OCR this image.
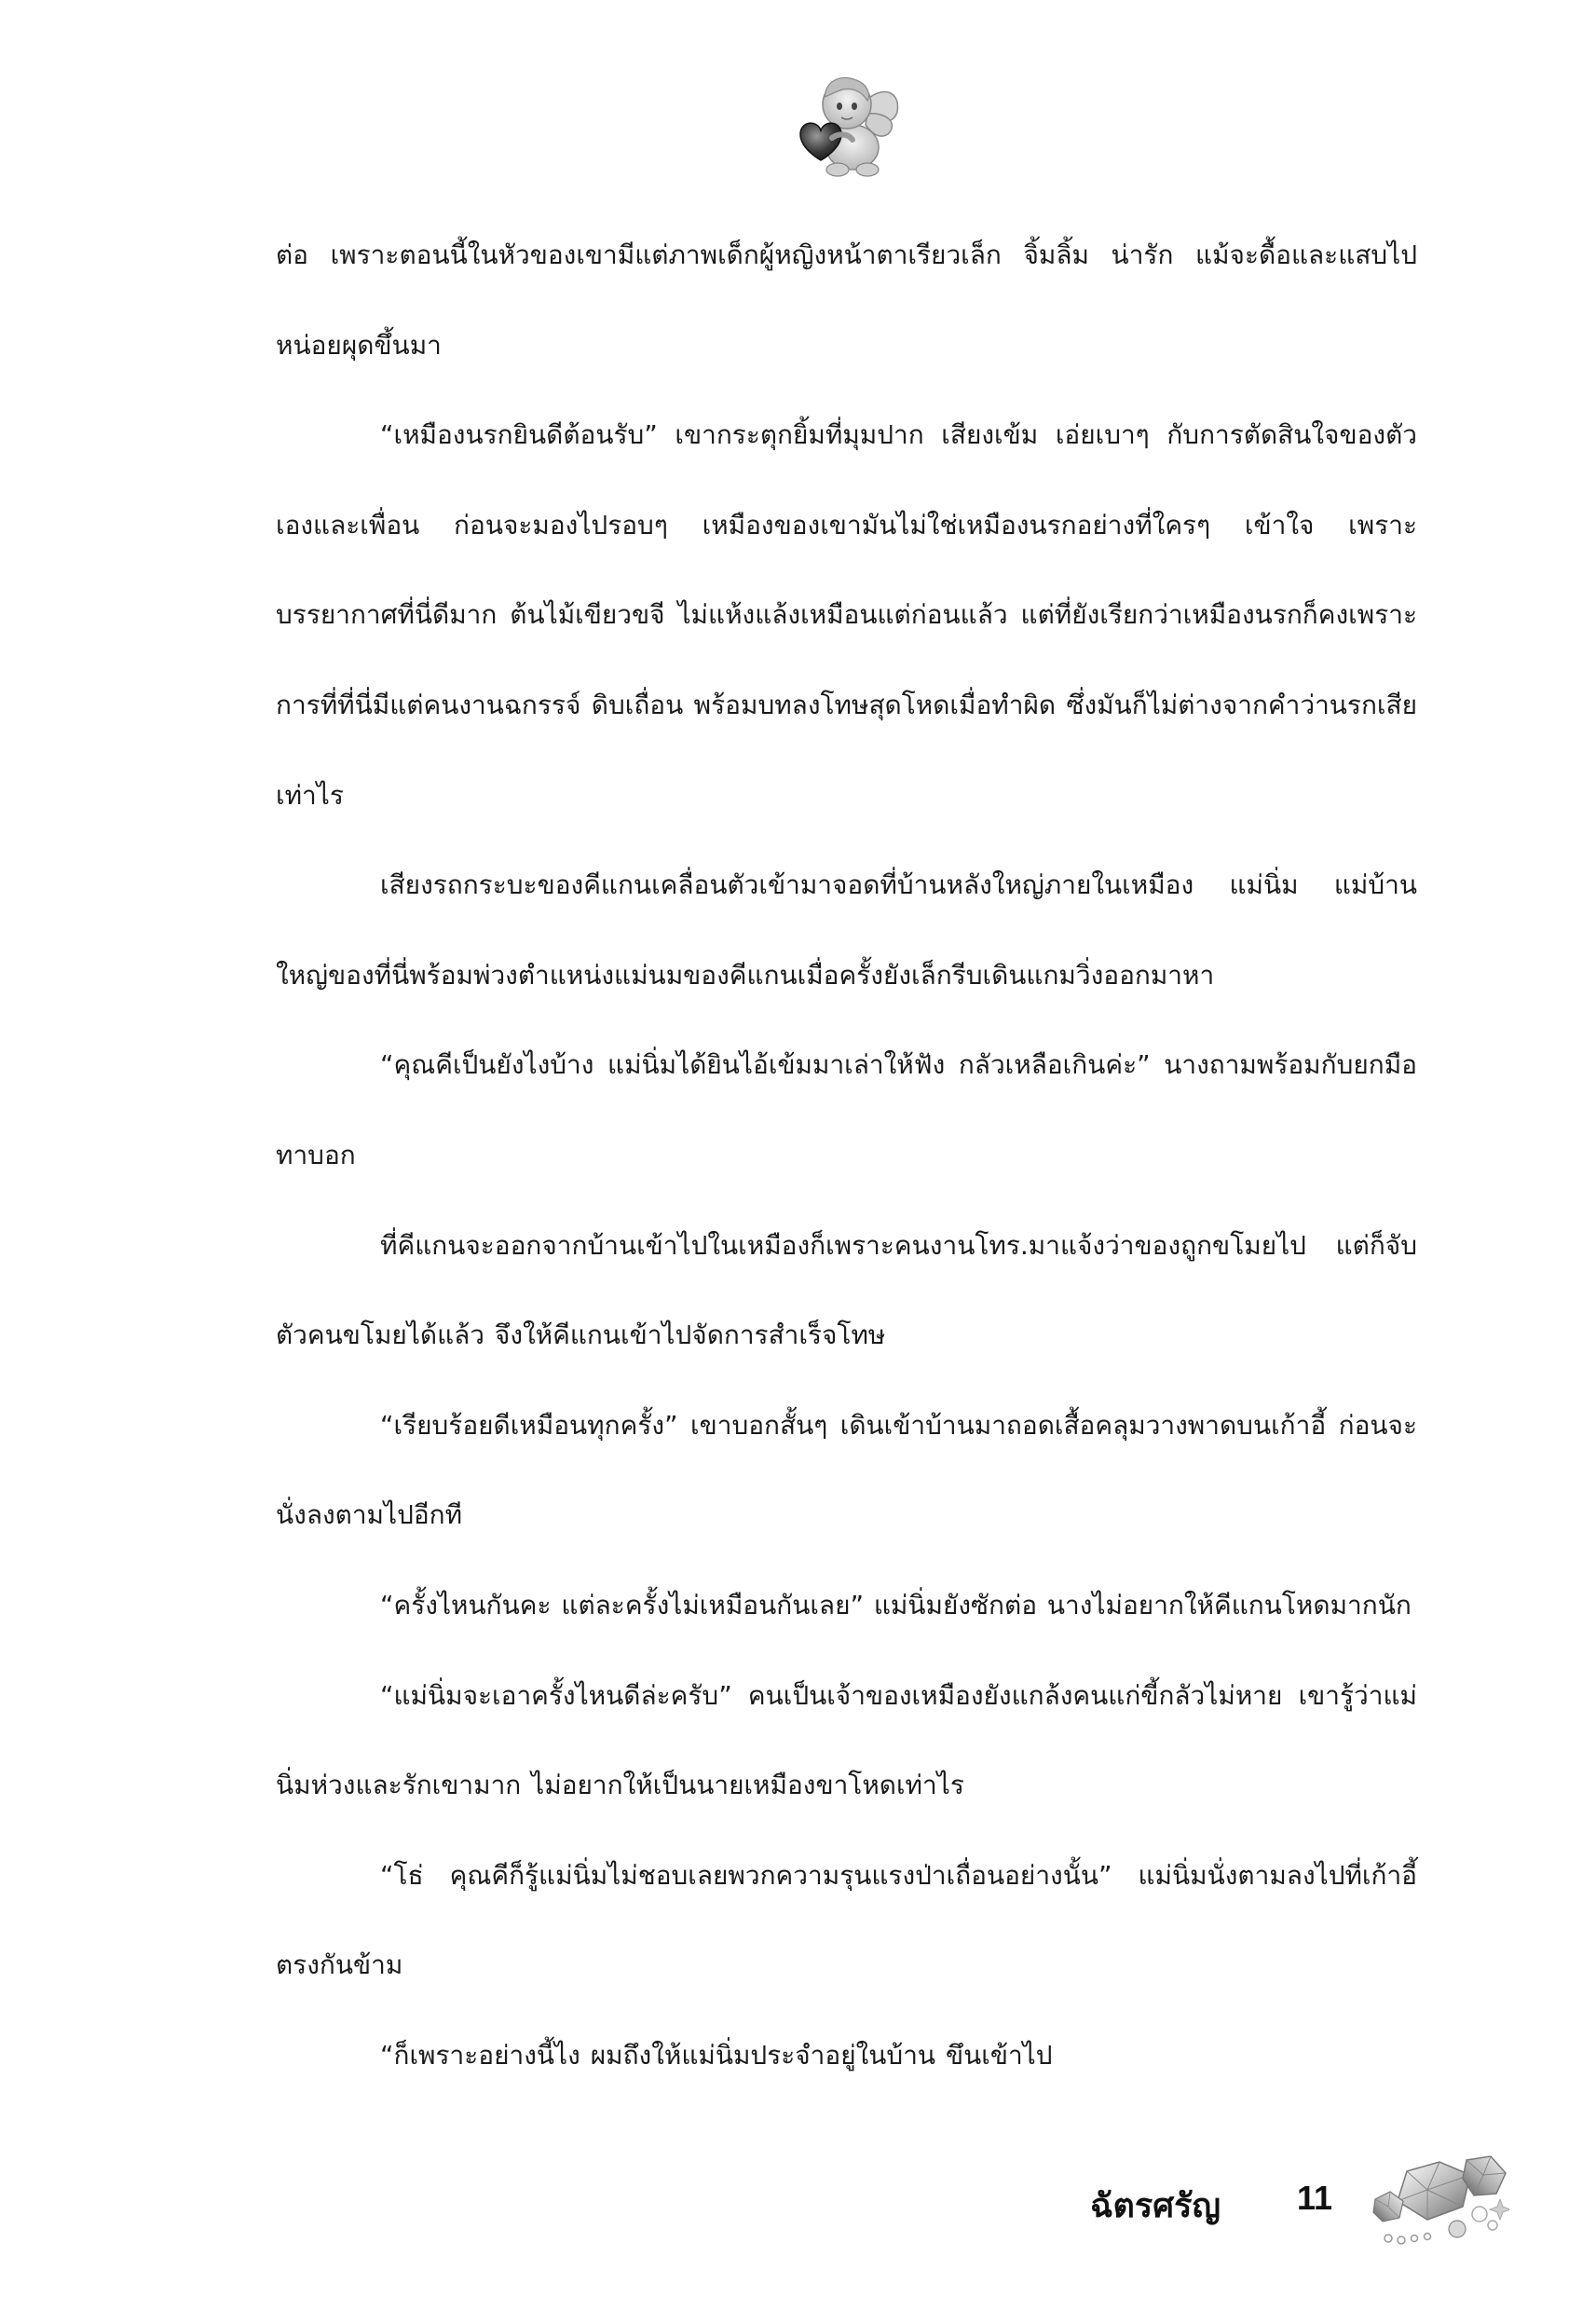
ต่อ เพราะตอนนี้ในหัวของเขามีแต่ภาพเด็กผู้หญิงหน้าตาเรียวเล็ก จิ้มลิ้ม น่ารัก แม้จะดื้อและแสบไปหน่อยผุดขึ้นมา

“เหมืองนรกยินดีต้อนรับ” เขากระตุกยิ้มที่มุมปาก เสียงเข้ม เอ่ยเบาๆ กับการตัดสินใจของตัวเองและเพื่อน ก่อนจะมองไปรอบๆ เหมืองของเขามันไม่ใช่เหมืองนรกอย่างที่ใครๆ เข้าใจ เพราะบรรยากาศที่นี่ดีมาก ต้นไม้เขียวขจี ไม่แห้งแล้งเหมือนแต่ก่อนแล้ว แต่ที่ยังเรียกว่าเหมืองนรกก็คงเพราะการที่ที่นี่มีแต่คนงานฉกรรจ์ ดิบเถื่อน พร้อมบทลงโทษสุดโหดเมื่อทำผิด ซึ่งมันก็ไม่ต่างจากคำว่านรกเสียเท่าไร

เสียงรถกระบะของคีแกนเคลื่อนตัวเข้ามาจอดที่บ้านหลังใหญ่ภายในเหมือง แม่นิ่ม แม่บ้านใหญ่ของที่นี่พร้อมพ่วงตำแหน่งแม่นมของคีแกนเมื่อครั้งยังเล็กรีบเดินแกมวิ่งออกมาหา

“คุณคีเป็นยังไงบ้าง แม่นิ่มได้ยินไอ้เข้มมาเล่าให้ฟัง กลัวเหลือเกินค่ะ” นางถามพร้อมกับยกมือทาบอก

ที่คีแกนจะออกจากบ้านเข้าไปในเหมืองก็เพราะคนงานโทร.มาแจ้งว่าของถูกขโมยไป แต่ก็จับตัวคนขโมยได้แล้ว จึงให้คีแกนเข้าไปจัดการสำเร็จโทษ

“เรียบร้อยดีเหมือนทุกครั้ง” เขาบอกสั้นๆ เดินเข้าบ้านมาถอดเสื้อคลุมวางพาดบนเก้าอี้ ก่อนจะนั่งลงตามไปอีกที

“ครั้งไหนกันคะ แต่ละครั้งไม่เหมือนกันเลย” แม่นิ่มยังซักต่อ นางไม่อยากให้คีแกนโหดมากนัก

“แม่นิ่มจะเอาครั้งไหนดีล่ะครับ” คนเป็นเจ้าของเหมืองยังแกล้งคนแก่ขี้กลัวไม่หาย เขารู้ว่าแม่นิ่มห่วงและรักเขามาก ไม่อยากให้เป็นนายเหมืองขาโหดเท่าไร

“โธ่ คุณคีก็รู้แม่นิ่มไม่ชอบเลยพวกความรุนแรงป่าเถื่อนอย่างนั้น” แม่นิ่มนั่งตามลงไปที่เก้าอี้ตรงกันข้าม

“ก็เพราะอย่างนี้ไง ผมถึงให้แม่นิ่มประจำอยู่ในบ้าน ขึนเข้าไป

ฉัตรศรัญ 11
